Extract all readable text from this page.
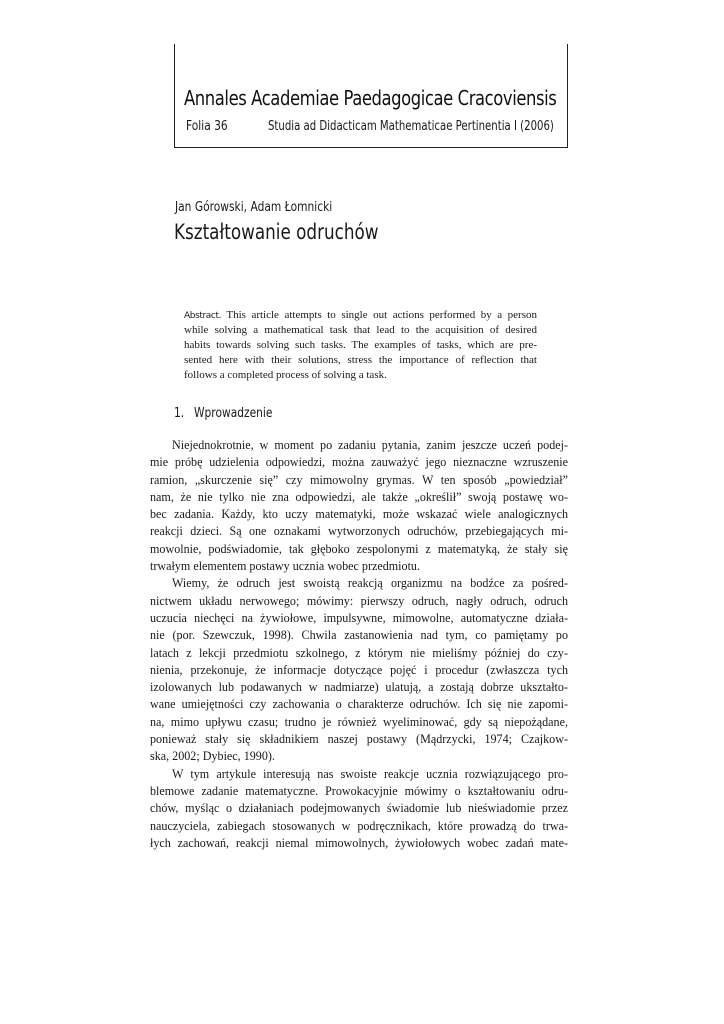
Annales Academiae Paedagogicae Cracoviensis
Folia 36	Studia ad Didacticam Mathematicae Pertinentia I (2006)
Jan Górowski, Adam Łomnicki
Kształtowanie odruchów
Abstract. This article attempts to single out actions performed by a person
while solving a mathematical task that lead to the acquisition of desired
habits towards solving such tasks. The examples of tasks, which are pre-
sented here with their solutions, stress the importance of reflection that
follows a completed process of solving a task.
1. Wprowadzenie
Niejednokrotnie, w moment po zadaniu pytania, zanim jeszcze uczeń podej-
mie próbę udzielenia odpowiedzi, można zauważyć jego nieznaczne wzruszenie
ramion, „skurczenie się” czy mimowolny grymas. W ten sposób „powiedział”
nam, że nie tylko nie zna odpowiedzi, ale także „określił” swoją postawę wo-
bec zadania. Każdy, kto uczy matematyki, może wskazać wiele analogicznych
reakcji dzieci. Są one oznakami wytworzonych odruchów, przebiegających mi-
mowolnie, podświadomie, tak głęboko zespolonymi z matematyką, że stały się
trwałym elementem postawy ucznia wobec przedmiotu.
Wiemy, że odruch jest swoistą reakcją organizmu na bodźce za pośred-
nictwem układu nerwowego; mówimy: pierwszy odruch, nagły odruch, odruch
uczucia niechęci na żywiołowe, impulsywne, mimowolne, automatyczne działa-
nie (por. Szewczuk, 1998). Chwila zastanowienia nad tym, co pamiętamy po
latach z lekcji przedmiotu szkolnego, z którym nie mieliśmy później do czy-
nienia, przekonuje, że informacje dotyczące pojęć i procedur (zwłaszcza tych
izolowanych lub podawanych w nadmiarze) ulatują, a zostają dobrze ukształto-
wane umiejętności czy zachowania o charakterze odruchów. Ich się nie zapomi-
na, mimo upływu czasu; trudno je również wyeliminować, gdy są niepożądane,
ponieważ stały się składnikiem naszej postawy (Mądrzycki, 1974; Czajkow-
ska, 2002; Dybiec, 1990).
W tym artykule interesują nas swoiste reakcje ucznia rozwiązującego pro-
blemowe zadanie matematyczne. Prowokacyjnie mówimy o kształtowaniu odru-
chów, myśląc o działaniach podejmowanych świadomie lub nieświadomie przez
nauczyciela, zabiegach stosowanych w podręcznikach, które prowadzą do trwa-
łych zachowań, reakcji niemal mimowolnych, żywiołowych wobec zadań mate-
